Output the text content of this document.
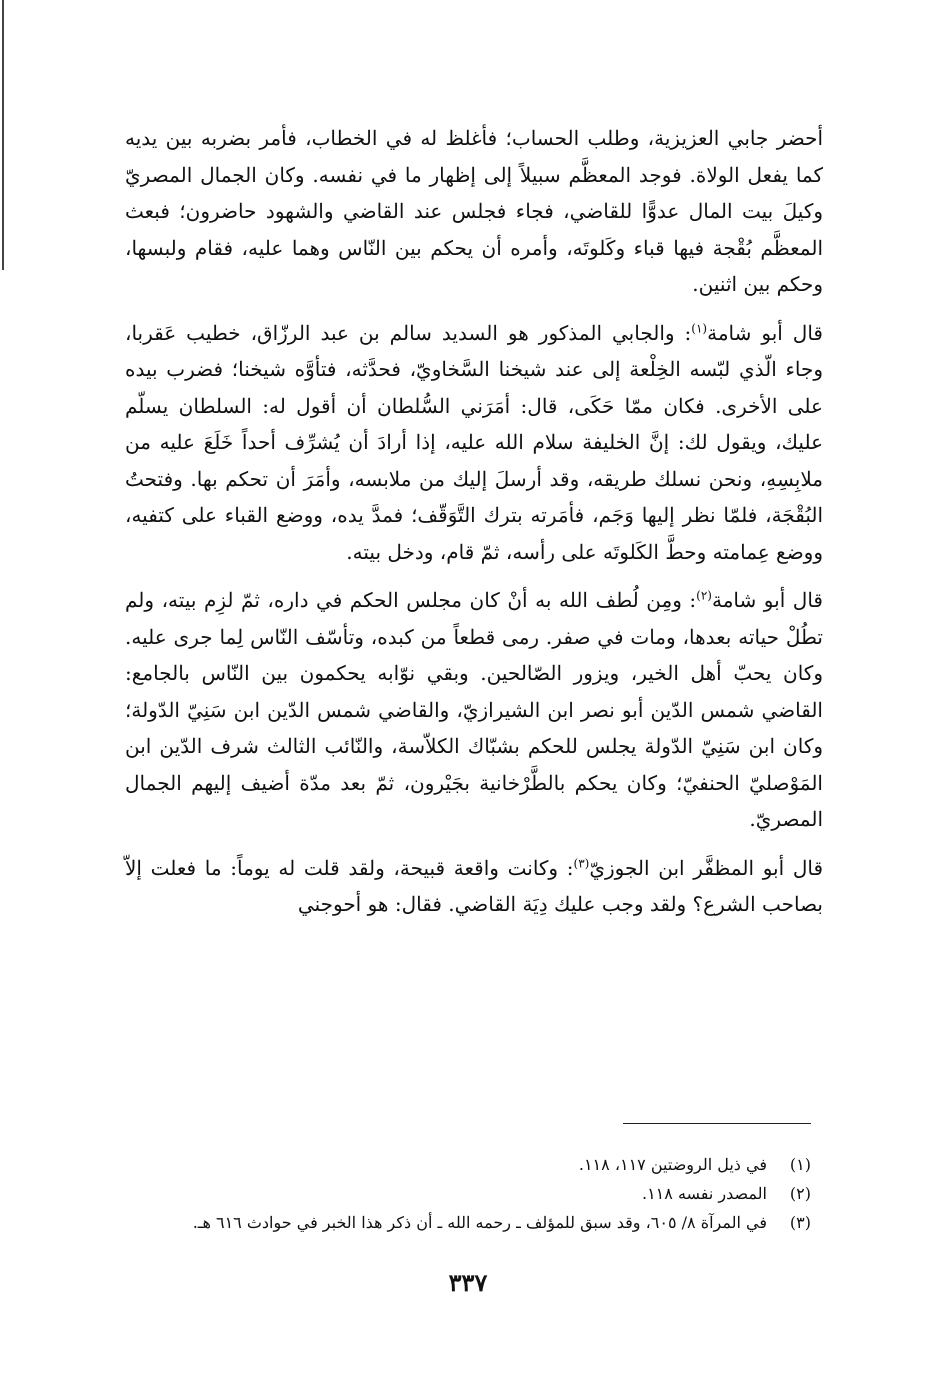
أحضر جابي العزيزية، وطلب الحساب؛ فأغلظ له في الخطاب، فأمر بضربه بين يديه كما يفعل الولاة. فوجد المعظَّم سبيلاً إلى إظهار ما في نفسه. وكان الجمال المصريّ وكيلَ بيت المال عدوًّا للقاضي، فجاء فجلس عند القاضي والشهود حاضرون؛ فبعث المعظَّم بُقْجة فيها قباء وكَلوتَه، وأمره أن يحكم بين النّاس وهما عليه، فقام ولبسها، وحكم بين اثنين.

قال أبو شامة$^{(١)}$: والجابي المذكور هو السديد سالم بن عبد الرزّاق، خطيب عَقربا، وجاء الّذي لبّسه الخِلْعة إلى عند شيخنا السَّخاويّ، فحدَّثه، فتأوَّه شيخنا؛ فضرب بيده على الأخرى. فكان ممّا حَكَى، قال: أمَرَني السُّلطان أن أقول له: السلطان يسلّم عليك، ويقول لك: إنَّ الخليفة سلام الله عليه، إذا أرادَ أن يُشرِّف أحداً خَلَعَ عليه من ملابِسِهِ، ونحن نسلك طريقه، وقد أرسلَ إليك من ملابسه، وأمَرَ أن تحكم بها. وفتحتُ البُقْجَة، فلمّا نظر إليها وَجَم، فأمَرته بترك التَّوَقّف؛ فمدَّ يده، ووضع القباء على كتفيه، ووضع عِمامته وحطَّ الكَلوتَه على رأسه، ثمّ قام، ودخل بيته.

قال أبو شامة$^{(٢)}$: ومِن لُطف الله به أنْ كان مجلس الحكم في داره، ثمّ لزِم بيته، ولم تطُلْ حياته بعدها، ومات في صفر. رمى قطعاً من كبده، وتأسّف النّاس لِما جرى عليه. وكان يحبّ أهل الخير، ويزور الصّالحين. وبقي نوّابه يحكمون بين النّاس بالجامع: القاضي شمس الدّين أبو نصر ابن الشيرازيّ، والقاضي شمس الدّين ابن سَنِيّ الدّولة؛ وكان ابن سَنِيّ الدّولة يجلس للحكم بشبّاك الكلاّسة، والنّائب الثالث شرف الدّين ابن المَوْصليّ الحنفيّ؛ وكان يحكم بالطَّرْخانية بجَيْرون، ثمّ بعد مدّة أضيف إليهم الجمال المصريّ.

قال أبو المظفَّر ابن الجوزيّ$^{(٣)}$: وكانت واقعة قبيحة، ولقد قلت له يوماً: ما فعلت إلاّ بصاحب الشرع؟ ولقد وجب عليك دِيَة القاضي. فقال: هو أحوجني

(١)
في ذيل الروضتين ١١٧، ١١٨.
(٢)
المصدر نفسه ١١٨.
(٣)
في المرآة ٨/ ٦٠٥، وقد سبق للمؤلف ـ رحمه الله ـ أن ذكر هذا الخبر في حوادث ٦١٦ هـ.
٣٣٧
